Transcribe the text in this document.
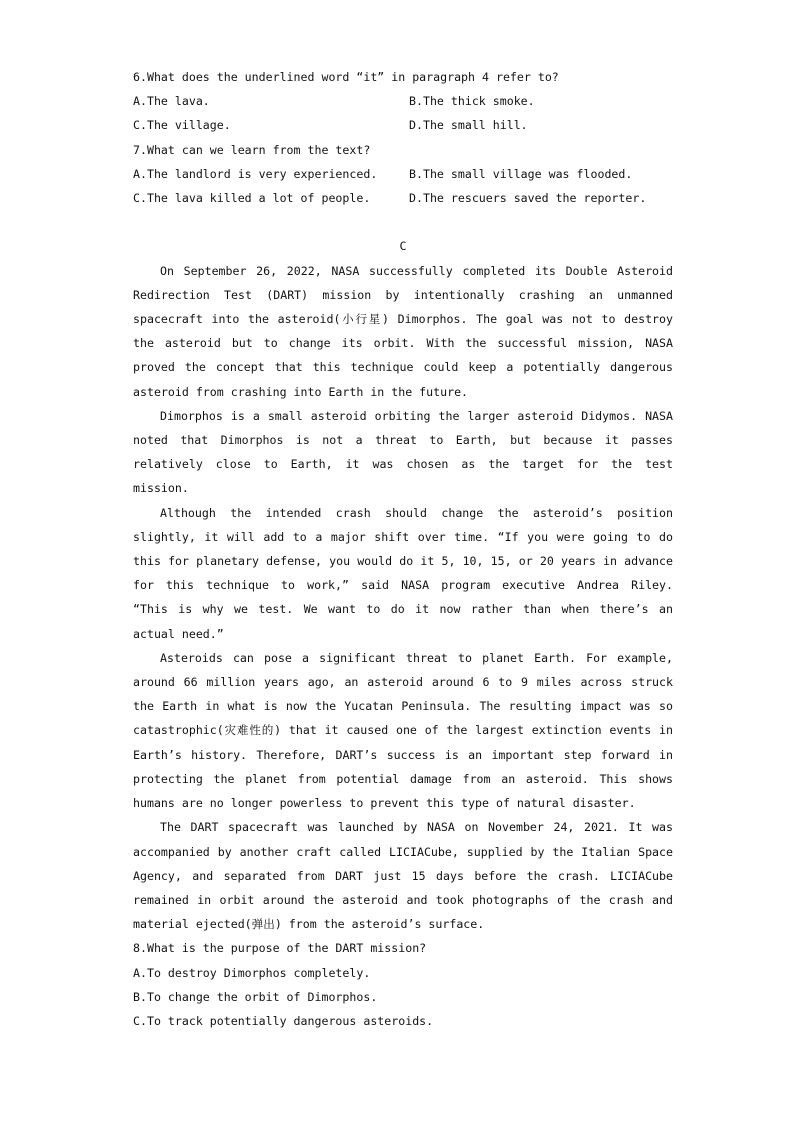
6.What does the underlined word “it” in paragraph 4 refer to?
A.The lava.	B.The thick smoke.
C.The village.	D.The small hill.
7.What can we learn from the text?
A.The landlord is very experienced.	B.The small village was flooded.
C.The lava killed a lot of people.	D.The rescuers saved the reporter.
C
On September 26, 2022, NASA successfully completed its Double Asteroid
Redirection Test (DART) mission by intentionally crashing an unmanned
spacecraft into the asteroid(小行星) Dimorphos. The goal was not to destroy
the asteroid but to change its orbit. With the successful mission, NASA
proved the concept that this technique could keep a potentially dangerous
asteroid from crashing into Earth in the future.
Dimorphos is a small asteroid orbiting the larger asteroid Didymos. NASA
noted that Dimorphos is not a threat to Earth, but because it passes
relatively close to Earth, it was chosen as the target for the test
mission.
Although the intended crash should change the asteroid’s position
slightly, it will add to a major shift over time. “If you were going to do
this for planetary defense, you would do it 5, 10, 15, or 20 years in advance
for this technique to work,” said NASA program executive Andrea Riley.
“This is why we test. We want to do it now rather than when there’s an
actual need.”
Asteroids can pose a significant threat to planet Earth. For example,
around 66 million years ago, an asteroid around 6 to 9 miles across struck
the Earth in what is now the Yucatan Peninsula. The resulting impact was so
catastrophic(灾难性的) that it caused one of the largest extinction events in
Earth’s history. Therefore, DART’s success is an important step forward in
protecting the planet from potential damage from an asteroid. This shows
humans are no longer powerless to prevent this type of natural disaster.
The DART spacecraft was launched by NASA on November 24, 2021. It was
accompanied by another craft called LICIACube, supplied by the Italian Space
Agency, and separated from DART just 15 days before the crash. LICIACube
remained in orbit around the asteroid and took photographs of the crash and
material ejected(弹出) from the asteroid’s surface.
8.What is the purpose of the DART mission?
A.To destroy Dimorphos completely.
B.To change the orbit of Dimorphos.
C.To track potentially dangerous asteroids.
